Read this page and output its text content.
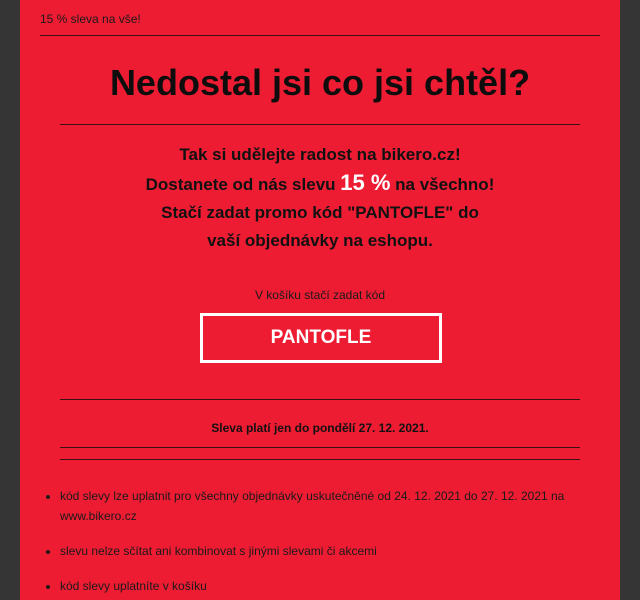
15 % sleva na vše!
Nedostal jsi co jsi chtěl?
Tak si udělejte radost na bikero.cz!
Dostanete od nás slevu 15 % na všechno!
Stačí zadat promo kód "PANTOFLE" do
vaší objednávky na eshopu.
V košíku stačí zadat kód
PANTOFLE
Sleva platí jen do pondělí 27. 12. 2021.
• kód slevy lze uplatnit pro všechny objednávky uskutečněné od 24. 12. 2021 do 27. 12. 2021 na www.bikero.cz
• slevu nelze sčítat ani kombinovat s jinými slevami či akcemi
• kód slevy uplatníte v košíku
